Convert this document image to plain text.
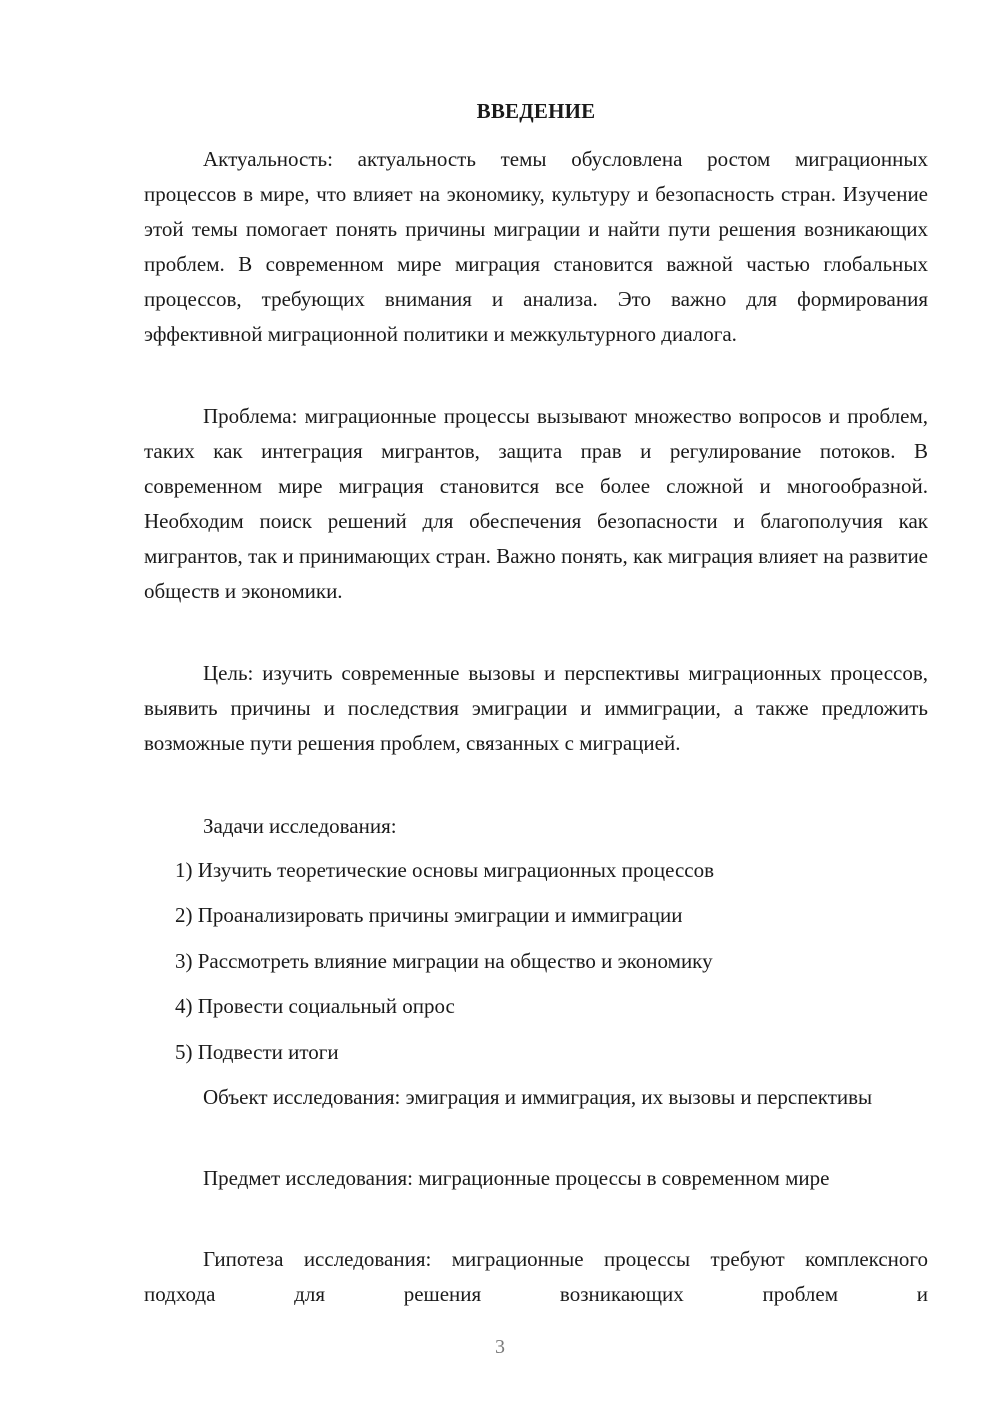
ВВЕДЕНИЕ

Актуальность: актуальность темы обусловлена ростом миграционных процессов в мире, что влияет на экономику, культуру и безопасность стран. Изучение этой темы помогает понять причины миграции и найти пути решения возникающих проблем. В современном мире миграция становится важной частью глобальных процессов, требующих внимания и анализа. Это важно для формирования эффективной миграционной политики и межкультурного диалога.

Проблема: миграционные процессы вызывают множество вопросов и проблем, таких как интеграция мигрантов, защита прав и регулирование потоков. В современном мире миграция становится все более сложной и многообразной. Необходим поиск решений для обеспечения безопасности и благополучия как мигрантов, так и принимающих стран. Важно понять, как миграция влияет на развитие обществ и экономики.

Цель: изучить современные вызовы и перспективы миграционных процессов, выявить причины и последствия эмиграции и иммиграции, а также предложить возможные пути решения проблем, связанных с миграцией.

Задачи исследования:

1) Изучить теоретические основы миграционных процессов

2) Проанализировать причины эмиграции и иммиграции

3) Рассмотреть влияние миграции на общество и экономику

4) Провести социальный опрос

5) Подвести итоги

Объект исследования: эмиграция и иммиграция, их вызовы и перспективы

Предмет исследования: миграционные процессы в современном мире

Гипотеза исследования: миграционные процессы требуют комплексного подхода для решения возникающих проблем и

3
